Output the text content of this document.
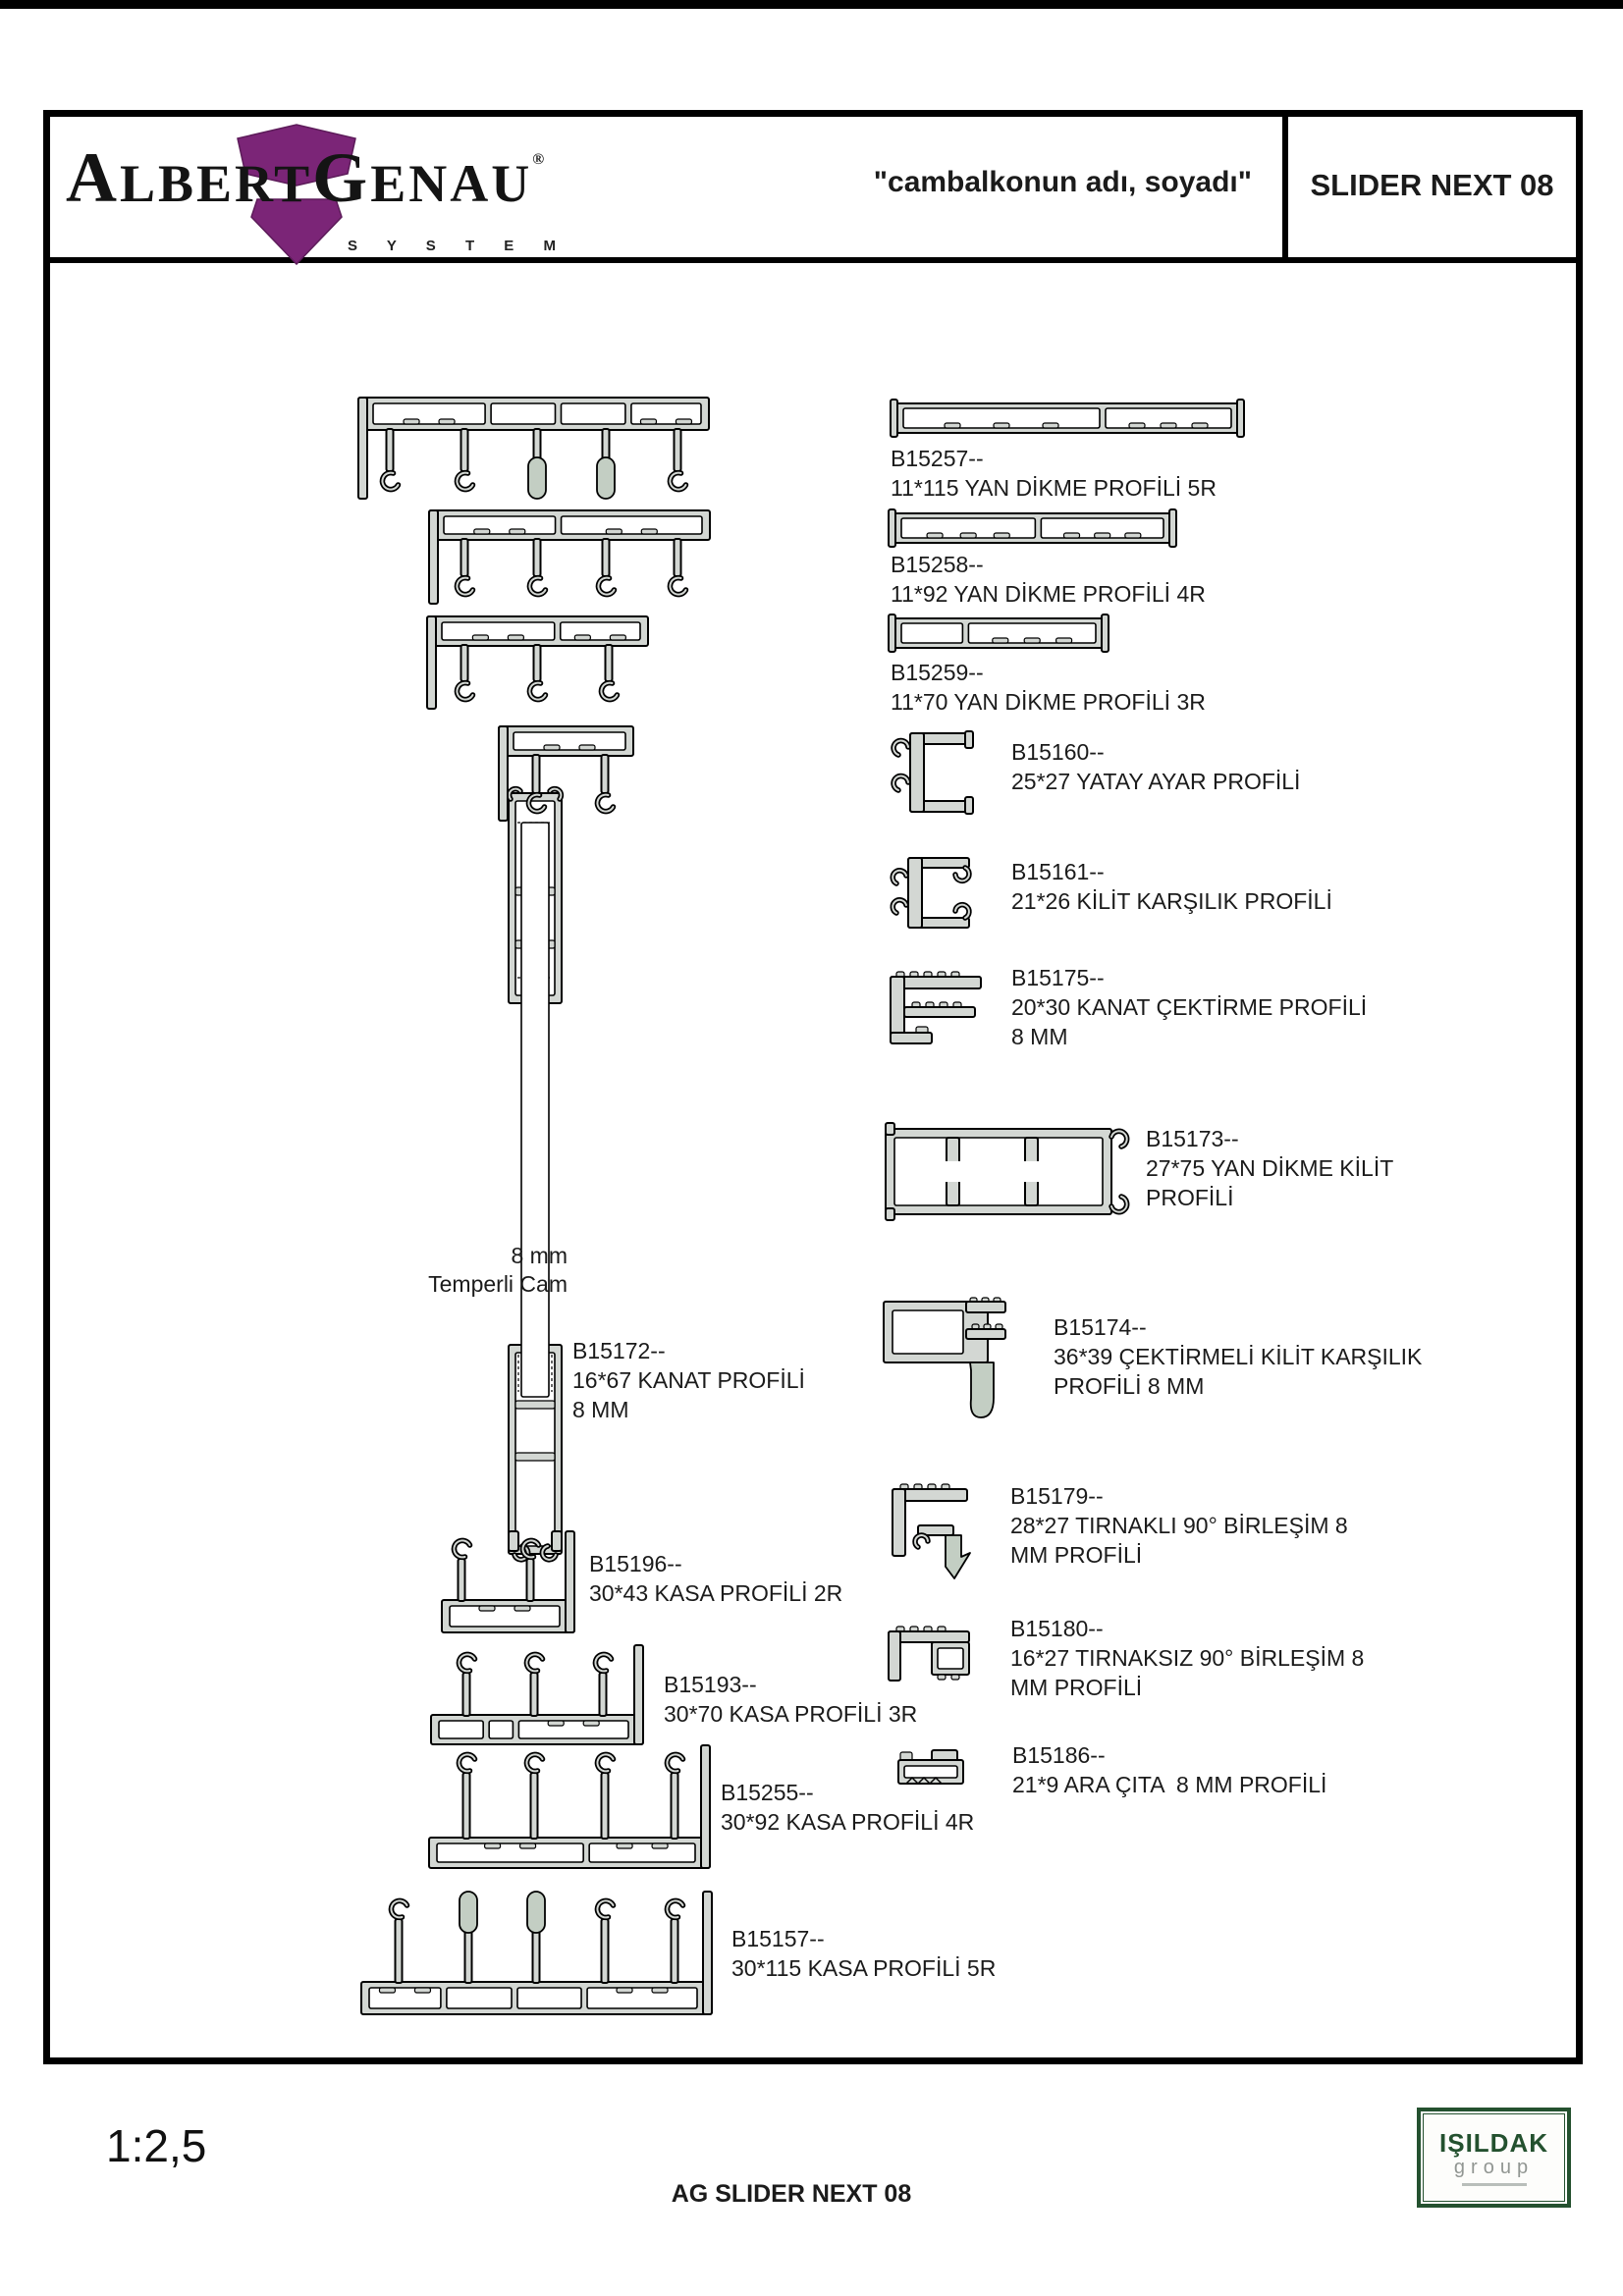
ALBERTGENAU®
S Y S T E M
"cambalkonun adı, soyadı"	SLIDER NEXT 08
B15257--
11*115 YAN DİKME PROFİLİ 5R
B15258--
11*92 YAN DİKME PROFİLİ 4R
B15259--
11*70 YAN DİKME PROFİLİ 3R
B15160--
25*27 YATAY AYAR PROFİLİ
B15161--
21*26 KİLİT KARŞILIK PROFİLİ
B15175--
20*30 KANAT ÇEKTİRME PROFİLİ
8 MM
B15173--
27*75 YAN DİKME KİLİT
PROFİLİ
B15174--
36*39 ÇEKTİRMELİ KİLİT KARŞILIK
PROFİLİ 8 MM
B15172--
16*67 KANAT PROFİLİ
8 MM
B15179--
28*27 TIRNAKLI 90° BİRLEŞİM 8
MM PROFİLİ
B15180--
16*27 TIRNAKSIZ 90° BİRLEŞİM 8
MM PROFİLİ
B15186--
21*9 ARA ÇITA  8 MM PROFİLİ
B15196--
30*43 KASA PROFİLİ 2R
B15193--
30*70 KASA PROFİLİ 3R
B15255--
30*92 KASA PROFİLİ 4R
B15157--
30*115 KASA PROFİLİ 5R
8 mm
Temperli Cam
1:2,5
AG SLIDER NEXT 08
IŞILDAK
group
